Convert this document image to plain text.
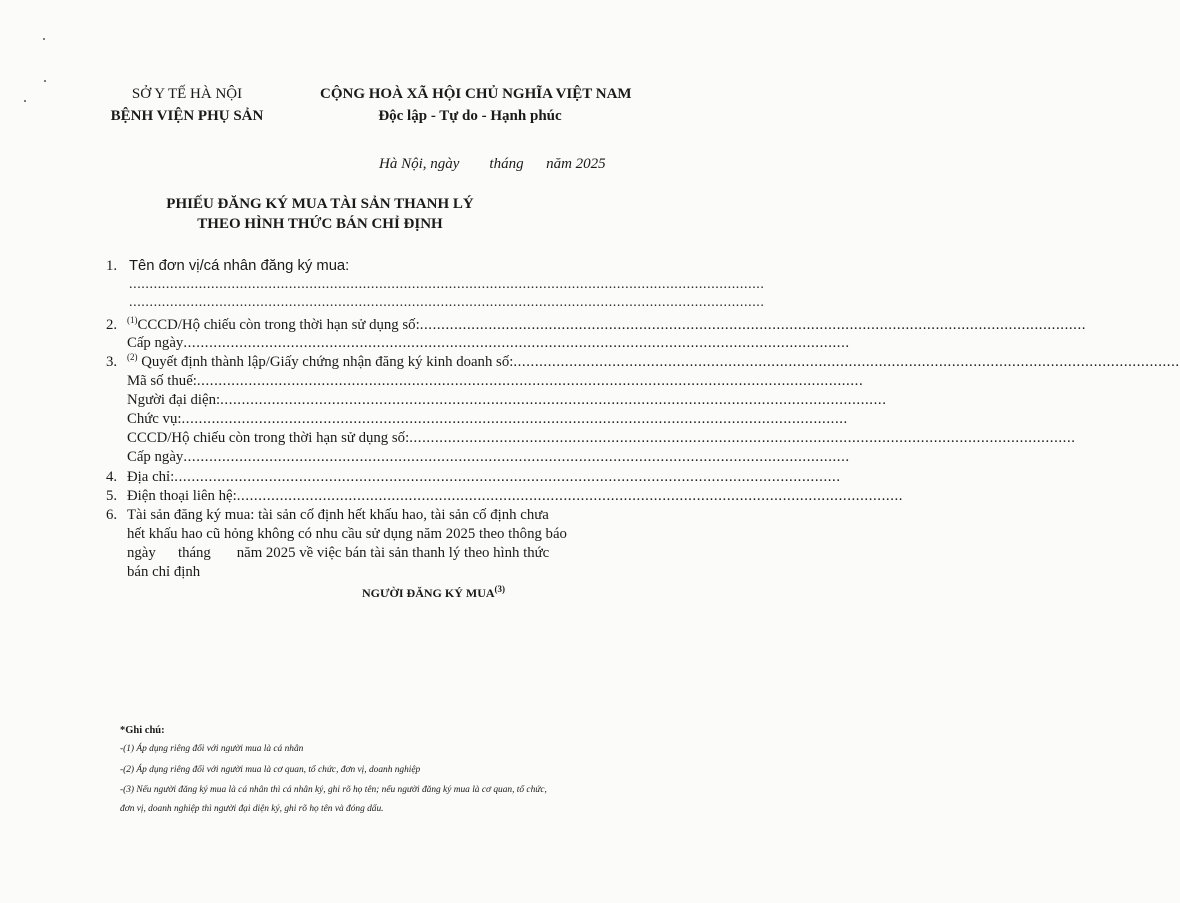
SỞ Y TẾ HÀ NỘI
BỆNH VIỆN PHỤ SẢN
CỘNG HOÀ XÃ HỘI CHỦ NGHĨA VIỆT NAM
Độc lập - Tự do - Hạnh phúc
Hà Nội, ngày        tháng      năm 2025
PHIẾU ĐĂNG KÝ MUA TÀI SẢN THANH LÝ
THEO HÌNH THỨC BÁN CHỈ ĐỊNH
1. Tên đơn vị/cá nhân đăng ký mua:
...........................................................................................................................................................
...........................................................................................................................................................
2. $^{(1)}$CCCD/Hộ chiếu còn trong thời hạn sử dụng số: ...........................................................................................................................................................
Cấp ngày ...........................................................................................................................................................
3. $^{(2)}$ Quyết định thành lập/Giấy chứng nhận đăng ký kinh doanh số: ...........................................................................................................................................................
Mã số thuế: ...........................................................................................................................................................
Người đại diện: ...........................................................................................................................................................
Chức vụ: ...........................................................................................................................................................
CCCD/Hộ chiếu còn trong thời hạn sử dụng số: ...........................................................................................................................................................
Cấp ngày ...........................................................................................................................................................
4. Địa chỉ: ...........................................................................................................................................................
5. Điện thoại liên hệ: ...........................................................................................................................................................
6. Tài sản đăng ký mua: tài sản cố định hết khấu hao, tài sản cố định chưa
hết khấu hao cũ hỏng không có nhu cầu sử dụng năm 2025 theo thông báo
ngày      tháng       năm 2025 về việc bán tài sản thanh lý theo hình thức
bán chỉ định
NGƯỜI ĐĂNG KÝ MUA$^{(3)}$
*Ghi chú:
-(1) Áp dụng riêng đối với người mua là cá nhân
-(2) Áp dụng riêng đối với người mua là cơ quan, tổ chức, đơn vị, doanh nghiệp
-(3) Nếu người đăng ký mua là cá nhân thì cá nhân ký, ghi rõ họ tên; nếu người đăng ký mua là cơ quan, tổ chức,
đơn vị, doanh nghiệp thì người đại diện ký, ghi rõ họ tên và đóng dấu.
